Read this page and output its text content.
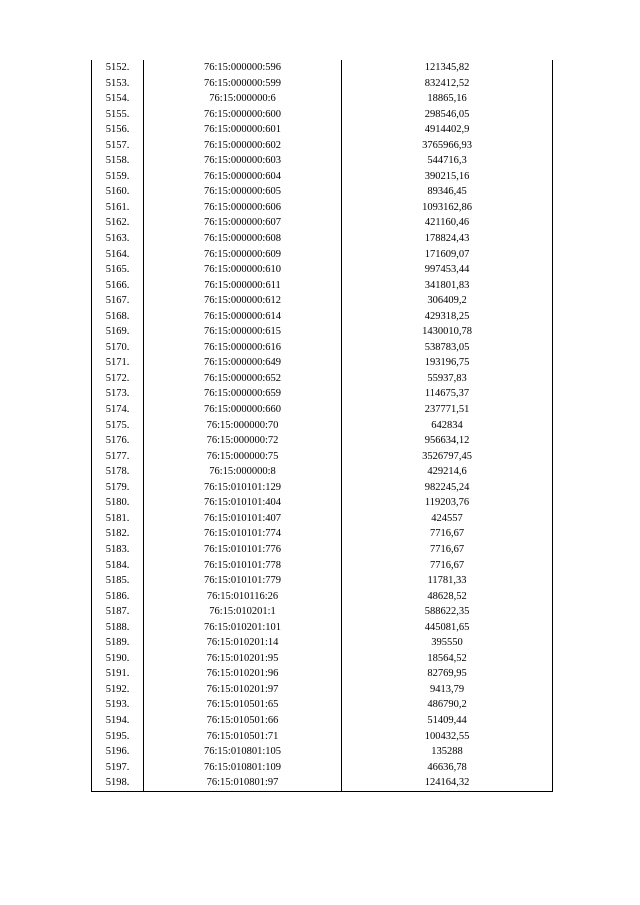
5152.	76:15:000000:596	121345,82
5153.	76:15:000000:599	832412,52
5154.	76:15:000000:6	18865,16
5155.	76:15:000000:600	298546,05
5156.	76:15:000000:601	4914402,9
5157.	76:15:000000:602	3765966,93
5158.	76:15:000000:603	544716,3
5159.	76:15:000000:604	390215,16
5160.	76:15:000000:605	89346,45
5161.	76:15:000000:606	1093162,86
5162.	76:15:000000:607	421160,46
5163.	76:15:000000:608	178824,43
5164.	76:15:000000:609	171609,07
5165.	76:15:000000:610	997453,44
5166.	76:15:000000:611	341801,83
5167.	76:15:000000:612	306409,2
5168.	76:15:000000:614	429318,25
5169.	76:15:000000:615	1430010,78
5170.	76:15:000000:616	538783,05
5171.	76:15:000000:649	193196,75
5172.	76:15:000000:652	55937,83
5173.	76:15:000000:659	114675,37
5174.	76:15:000000:660	237771,51
5175.	76:15:000000:70	642834
5176.	76:15:000000:72	956634,12
5177.	76:15:000000:75	3526797,45
5178.	76:15:000000:8	429214,6
5179.	76:15:010101:129	982245,24
5180.	76:15:010101:404	119203,76
5181.	76:15:010101:407	424557
5182.	76:15:010101:774	7716,67
5183.	76:15:010101:776	7716,67
5184.	76:15:010101:778	7716,67
5185.	76:15:010101:779	11781,33
5186.	76:15:010116:26	48628,52
5187.	76:15:010201:1	588622,35
5188.	76:15:010201:101	445081,65
5189.	76:15:010201:14	395550
5190.	76:15:010201:95	18564,52
5191.	76:15:010201:96	82769,95
5192.	76:15:010201:97	9413,79
5193.	76:15:010501:65	486790,2
5194.	76:15:010501:66	51409,44
5195.	76:15:010501:71	100432,55
5196.	76:15:010801:105	135288
5197.	76:15:010801:109	46636,78
5198.	76:15:010801:97	124164,32
